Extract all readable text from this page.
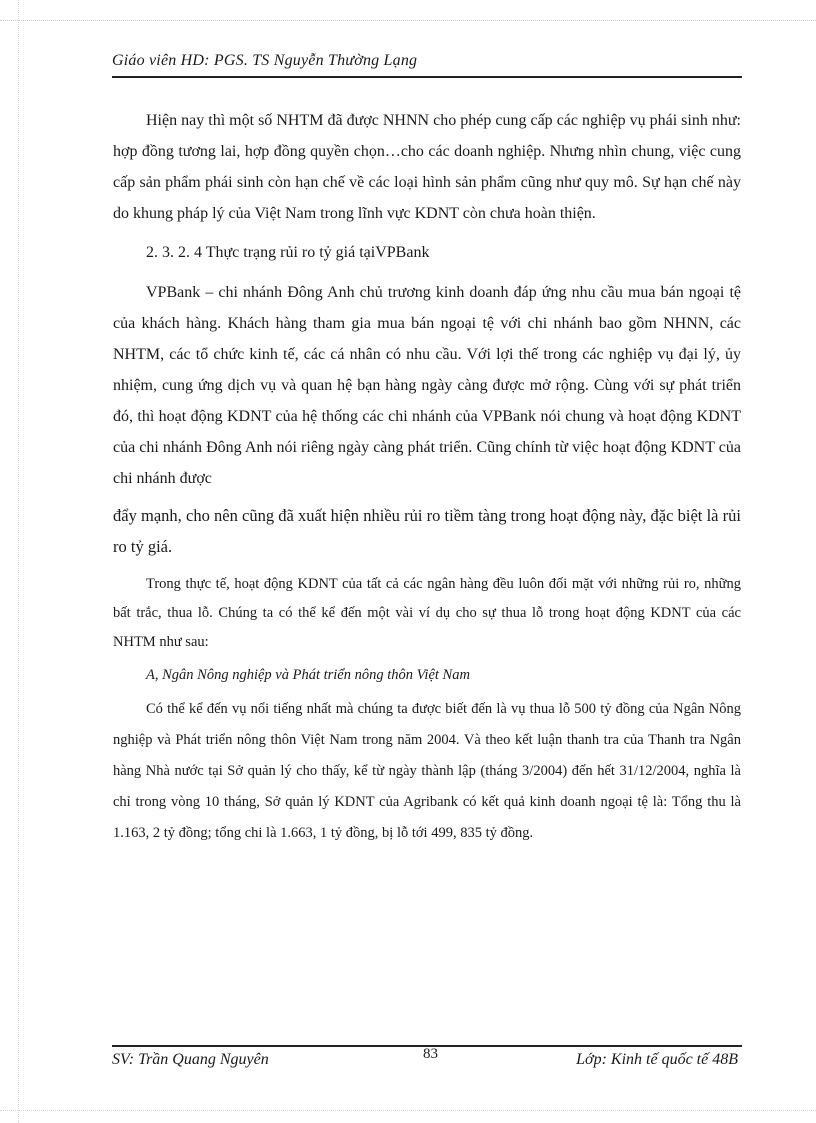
Giáo viên HD: PGS. TS Nguyễn Thường Lạng

Hiện nay thì một số NHTM đã được NHNN cho phép cung cấp các nghiệp vụ phái sinh như: hợp đồng tương lai, hợp đồng quyền chọn…cho các doanh nghiệp. Nhưng nhìn chung, việc cung cấp sản phẩm phái sinh còn hạn chế về các loại hình sản phẩm cũng như quy mô. Sự hạn chế này do khung pháp lý của Việt Nam trong lĩnh vực KDNT còn chưa hoàn thiện.

2. 3. 2. 4 Thực trạng rủi ro tỷ giá tạiVPBank

VPBank – chi nhánh Đông Anh chủ trương kinh doanh đáp ứng nhu cầu mua bán ngoại tệ của khách hàng. Khách hàng tham gia mua bán ngoại tệ với chi nhánh bao gồm NHNN, các NHTM, các tổ chức kinh tế, các cá nhân có nhu cầu. Với lợi thế trong các nghiệp vụ đại lý, ủy nhiệm, cung ứng dịch vụ và quan hệ bạn hàng ngày càng được mở rộng. Cùng với sự phát triển đó, thì hoạt động KDNT của hệ thống các chi nhánh của VPBank nói chung và hoạt động KDNT của chi nhánh Đông Anh nói riêng ngày càng phát triển. Cũng chính từ việc hoạt động KDNT của chi nhánh được

đẩy mạnh, cho nên cũng đã xuất hiện nhiều rủi ro tiềm tàng trong hoạt động này, đặc biệt là rủi ro tỷ giá.

Trong thực tế, hoạt động KDNT của tất cả các ngân hàng đều luôn đối mặt với những rủi ro, những bất trắc, thua lỗ. Chúng ta có thể kể đến một vài ví dụ cho sự thua lỗ trong hoạt động KDNT của các NHTM như sau:

A, Ngân Nông nghiệp và Phát triển nông thôn Việt Nam

Có thể kể đến vụ nổi tiếng nhất mà chúng ta được biết đến là vụ thua lỗ 500 tỷ đồng của Ngân Nông nghiệp và Phát triển nông thôn Việt Nam trong năm 2004. Và theo kết luận thanh tra của Thanh tra Ngân hàng Nhà nước tại Sở quản lý cho thấy, kể từ ngày thành lập (tháng 3/2004) đến hết 31/12/2004, nghĩa là chỉ trong vòng 10 tháng, Sở quản lý KDNT của Agribank có kết quả kinh doanh ngoại tệ là: Tổng thu là 1.163, 2 tỷ đồng; tổng chi là 1.663, 1 tỷ đồng, bị lỗ tới 499, 835 tỷ đồng.

SV: Trần Quang Nguyên	83	Lớp: Kinh tế quốc tế 48B
